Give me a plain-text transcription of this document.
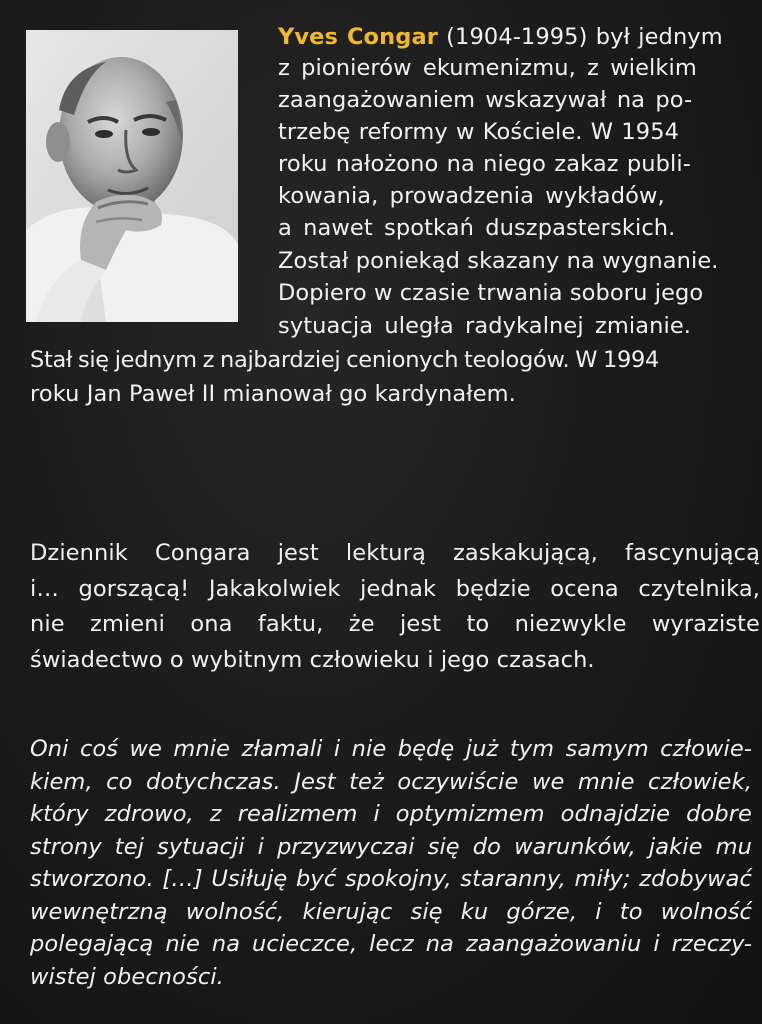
Yves Congar (1904-1995) był jednym
z pionierów ekumenizmu, z wielkim
zaangażowaniem wskazywał na po-
trzebę reformy w Kościele. W 1954
roku nałożono na niego zakaz publi-
kowania, prowadzenia wykładów,
a nawet spotkań duszpasterskich.
Został poniekąd skazany na wygnanie.
Dopiero w czasie trwania soboru jego
sytuacja uległa radykalnej zmianie.
Stał się jednym z najbardziej cenionych teologów. W 1994
roku Jan Paweł II mianował go kardynałem.
Dziennik Congara jest lekturą zaskakującą, fascynującą
i… gorszącą! Jakakolwiek jednak będzie ocena czytelnika,
nie zmieni ona faktu, że jest to niezwykle wyraziste
świadectwo o wybitnym człowieku i jego czasach.
Oni coś we mnie złamali i nie będę już tym samym człowie-
kiem, co dotychczas. Jest też oczywiście we mnie człowiek,
który zdrowo, z realizmem i optymizmem odnajdzie dobre
strony tej sytuacji i przyzwyczai się do warunków, jakie mu
stworzono. […] Usiłuję być spokojny, staranny, miły; zdobywać
wewnętrzną wolność, kierując się ku górze, i to wolność
polegającą nie na ucieczce, lecz na zaangażowaniu i rzeczy-
wistej obecności.
